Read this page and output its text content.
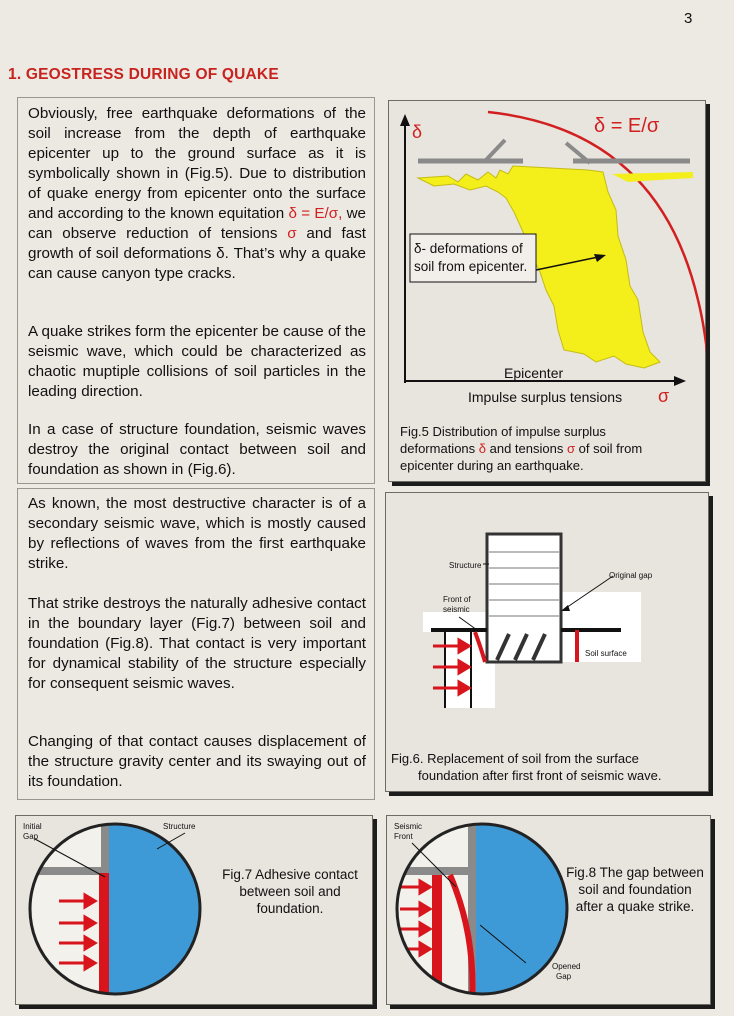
3
1. GEOSTRESS DURING OF QUAKE

Obviously, free earthquake deformations of the soil increase from the depth of earthquake epicenter up to the ground surface as it is symbolically shown in (Fig.5). Due to distribution of quake energy from epicenter onto the surface and according to the known equitation δ = E/σ, we can observe reduction of tensions σ and fast growth of soil deformations δ. That’s why a quake can cause canyon type cracks.

A quake strikes form the epicenter be cause of the seismic wave, which could be characterized as chaotic muptiple collisions of soil particles in the leading direction.

In a case of structure foundation, seismic waves destroy the original contact between soil and foundation as shown in (Fig.6).

As known, the most destructive character is of a secondary seismic wave, which is mostly caused by reflections of waves from the first earthquake strike.

That strike destroys the naturally adhesive contact in the boundary layer (Fig.7) between soil and foundation (Fig.8). That contact is very important for dynamical stability of the structure especially for consequent seismic waves.

Changing of that contact causes displacement of the structure gravity center and its swaying out of its foundation.

δ	δ = E/σ
δ- deformations of
soil from epicenter.
Epicenter
Impulse surplus tensions σ

Fig.5 Distribution of impulse surplus
deformations δ and tensions σ of soil from
epicenter during an earthquake.

Structure
Original gap
Front of
seismic
Soil surface

Fig.6. Replacement of soil from the surface
foundation after first front of seismic wave.

Initial
Gap
Structure

Fig.7 Adhesive contact
between soil and
foundation.

Seismic
Front
Opened
Gap

Fig.8 The gap between
soil and foundation
after a quake strike.
